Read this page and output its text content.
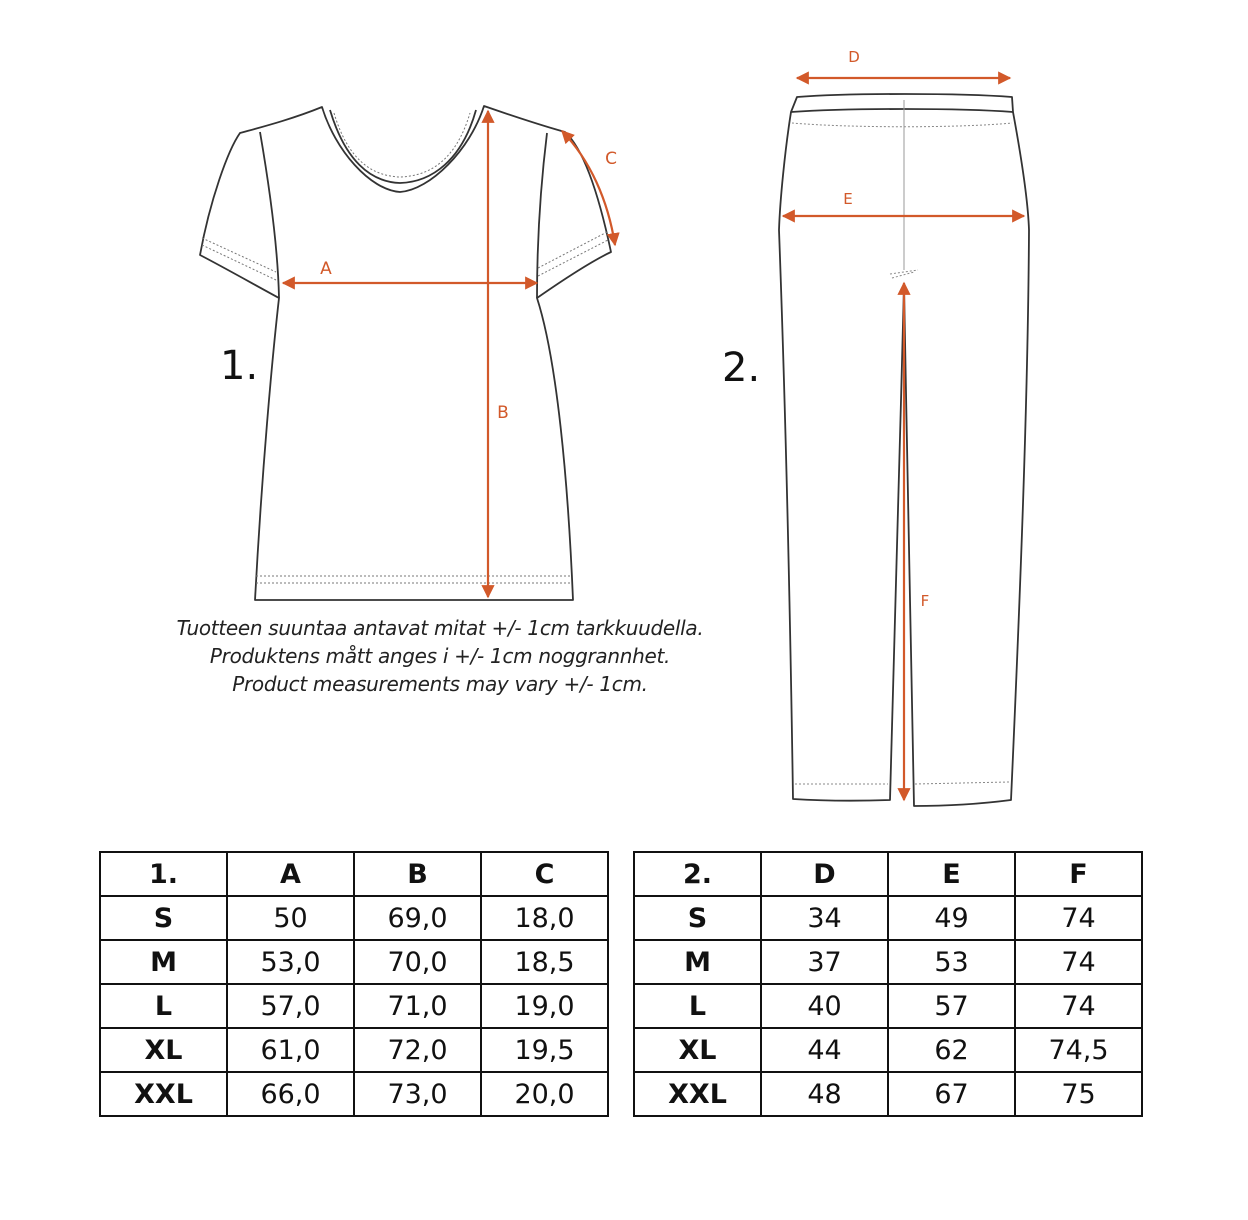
A
B
C
D
E
F
1.	2.
Tuotteen suuntaa antavat mitat +/- 1cm tarkkuudella.
Produktens mått anges i +/- 1cm noggrannhet.
Product measurements may vary +/- 1cm.
1.	A	B	C
S	50	69,0	18,0
M	53,0	70,0	18,5
L	57,0	71,0	19,0
XL	61,0	72,0	19,5
XXL	66,0	73,0	20,0
2.	D	E	F
S	34	49	74
M	37	53	74
L	40	57	74
XL	44	62	74,5
XXL	48	67	75
